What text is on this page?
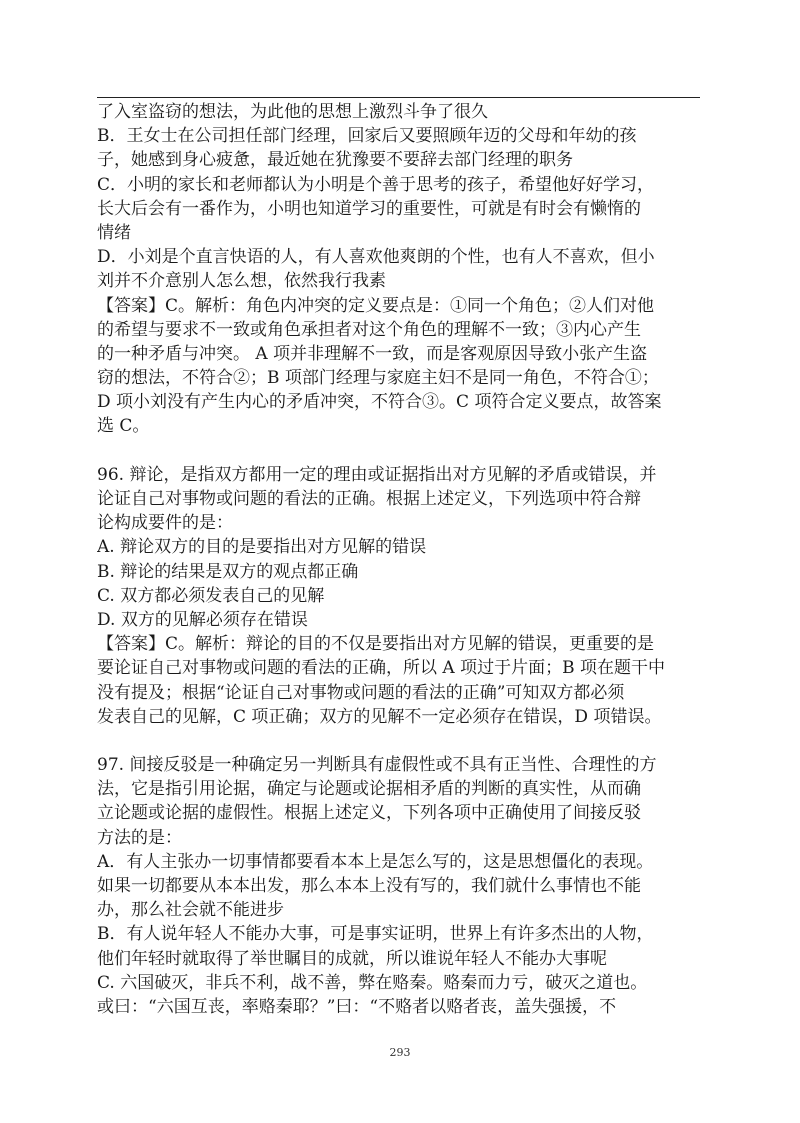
了入室盗窃的想法，为此他的思想上激烈斗争了很久
B．王女士在公司担任部门经理，回家后又要照顾年迈的父母和年幼的孩
子，她感到身心疲惫，最近她在犹豫要不要辞去部门经理的职务
C．小明的家长和老师都认为小明是个善于思考的孩子，希望他好好学习，
长大后会有一番作为，小明也知道学习的重要性，可就是有时会有懒惰的
情绪
D．小刘是个直言快语的人，有人喜欢他爽朗的个性，也有人不喜欢，但小
刘并不介意别人怎么想，依然我行我素
【答案】C。解析：角色内冲突的定义要点是：①同一个角色；②人们对他
的希望与要求不一致或角色承担者对这个角色的理解不一致；③内心产生
的一种矛盾与冲突。 A 项并非理解不一致，而是客观原因导致小张产生盗
窃的想法，不符合②；B 项部门经理与家庭主妇不是同一角色，不符合①；
D 项小刘没有产生内心的矛盾冲突，不符合③。C 项符合定义要点，故答案
选 C。
96. 辩论，是指双方都用一定的理由或证据指出对方见解的矛盾或错误，并
论证自己对事物或问题的看法的正确。根据上述定义，下列选项中符合辩
论构成要件的是：
A. 辩论双方的目的是要指出对方见解的错误
B. 辩论的结果是双方的观点都正确
C. 双方都必须发表自己的见解
D. 双方的见解必须存在错误
【答案】C。解析：辩论的目的不仅是要指出对方见解的错误，更重要的是
要论证自己对事物或问题的看法的正确，所以 A 项过于片面；B 项在题干中
没有提及；根据“论证自己对事物或问题的看法的正确”可知双方都必须
发表自己的见解，C 项正确；双方的见解不一定必须存在错误，D 项错误。
97. 间接反驳是一种确定另一判断具有虚假性或不具有正当性、合理性的方
法，它是指引用论据，确定与论题或论据相矛盾的判断的真实性，从而确
立论题或论据的虚假性。根据上述定义，下列各项中正确使用了间接反驳
方法的是：
A．有人主张办一切事情都要看本本上是怎么写的，这是思想僵化的表现。
如果一切都要从本本出发，那么本本上没有写的，我们就什么事情也不能
办，那么社会就不能进步
B．有人说年轻人不能办大事，可是事实证明，世界上有许多杰出的人物，
他们年轻时就取得了举世瞩目的成就，所以谁说年轻人不能办大事呢
C. 六国破灭，非兵不利，战不善，弊在赂秦。赂秦而力亏，破灭之道也。
或曰：“六国互丧，率赂秦耶？”曰：“不赂者以赂者丧，盖失强援，不
293
